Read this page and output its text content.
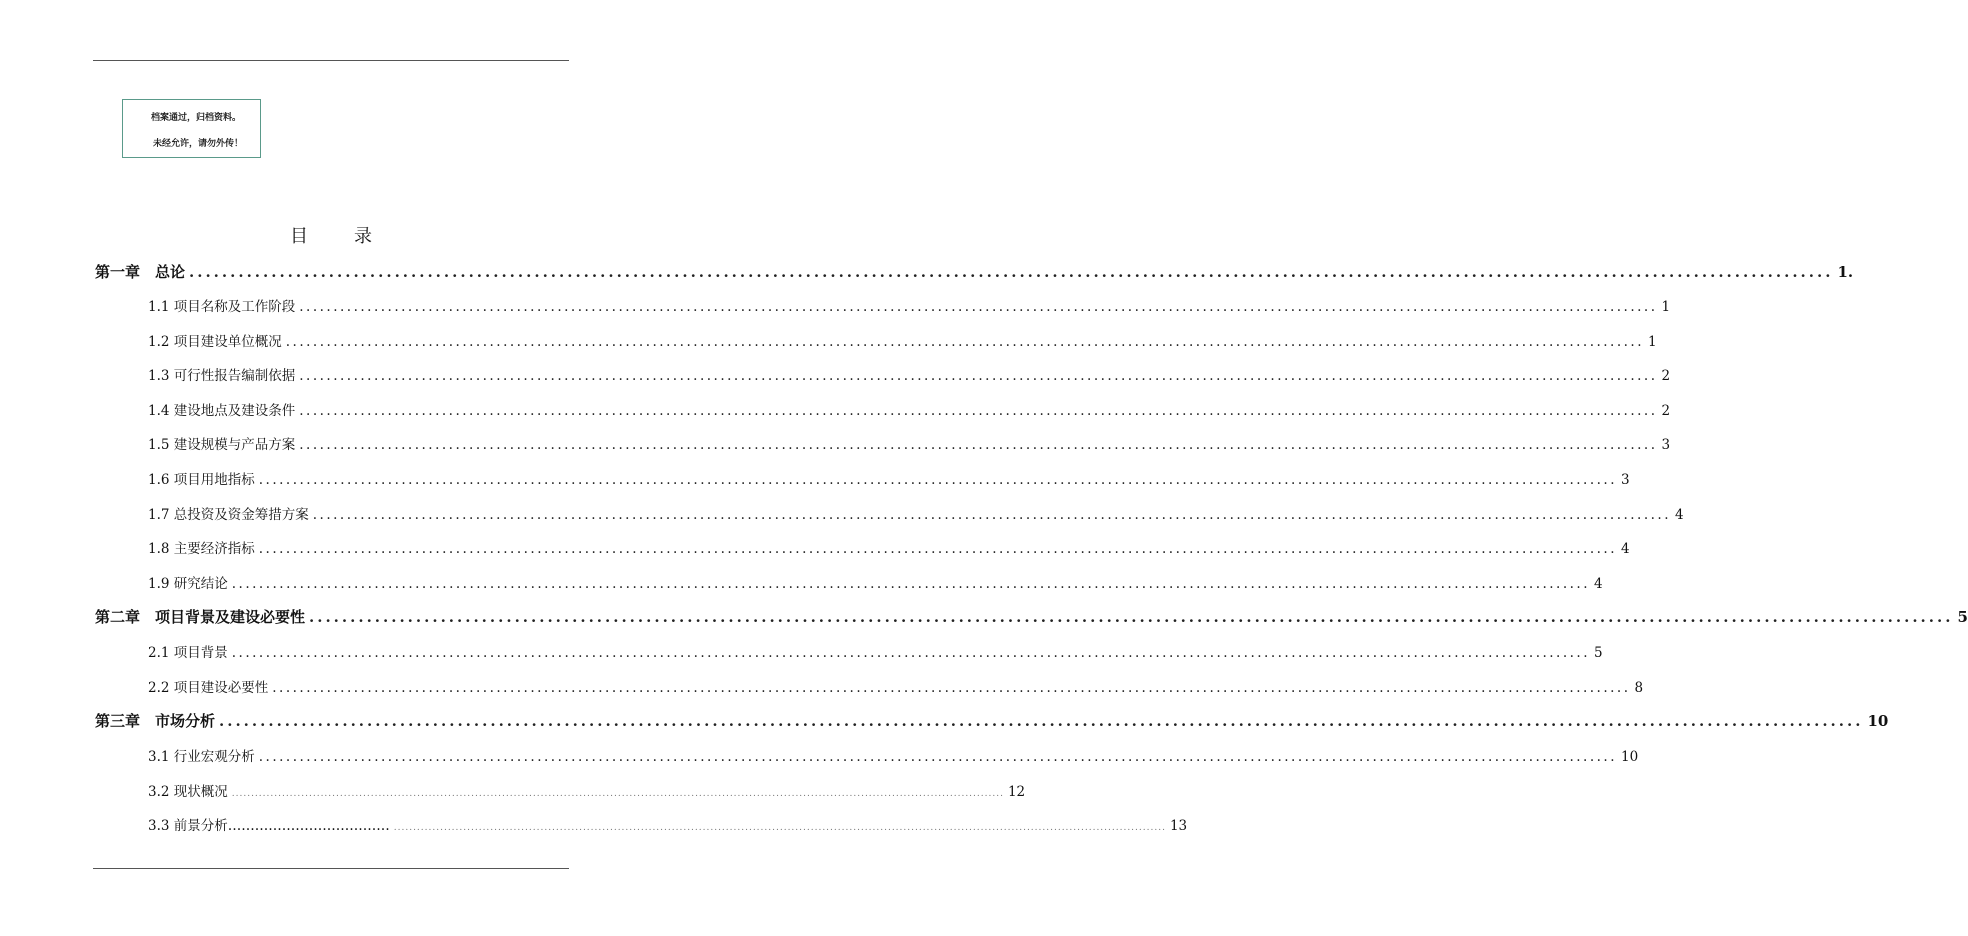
档案通过，归档资料。
未经允许，请勿外传！
目　录
第一章　总论 ........................................................................................................................................................................................................ 1.
1.1 项目名称及工作阶段 ........................................................................................................................................................................................................ 1
1.2 项目建设单位概况 ........................................................................................................................................................................................................ 1
1.3 可行性报告编制依据 ........................................................................................................................................................................................................ 2
1.4 建设地点及建设条件 ........................................................................................................................................................................................................ 2
1.5 建设规模与产品方案 ........................................................................................................................................................................................................ 3
1.6 项目用地指标 ........................................................................................................................................................................................................ 3
1.7 总投资及资金筹措方案 ........................................................................................................................................................................................................ 4
1.8 主要经济指标 ........................................................................................................................................................................................................ 4
1.9 研究结论 ........................................................................................................................................................................................................ 4
第二章　项目背景及建设必要性 ........................................................................................................................................................................................................ 5
2.1 项目背景 ........................................................................................................................................................................................................ 5
2.2 项目建设必要性 ........................................................................................................................................................................................................ 8
第三章　市场分析 ........................................................................................................................................................................................................ 10
3.1 行业宏观分析 ........................................................................................................................................................................................................ 10
3.2 现状概况 ........................................................................................................................................................................................................ 12
3.3 前景分析……………………………… ........................................................................................................................................................................................................ 13
